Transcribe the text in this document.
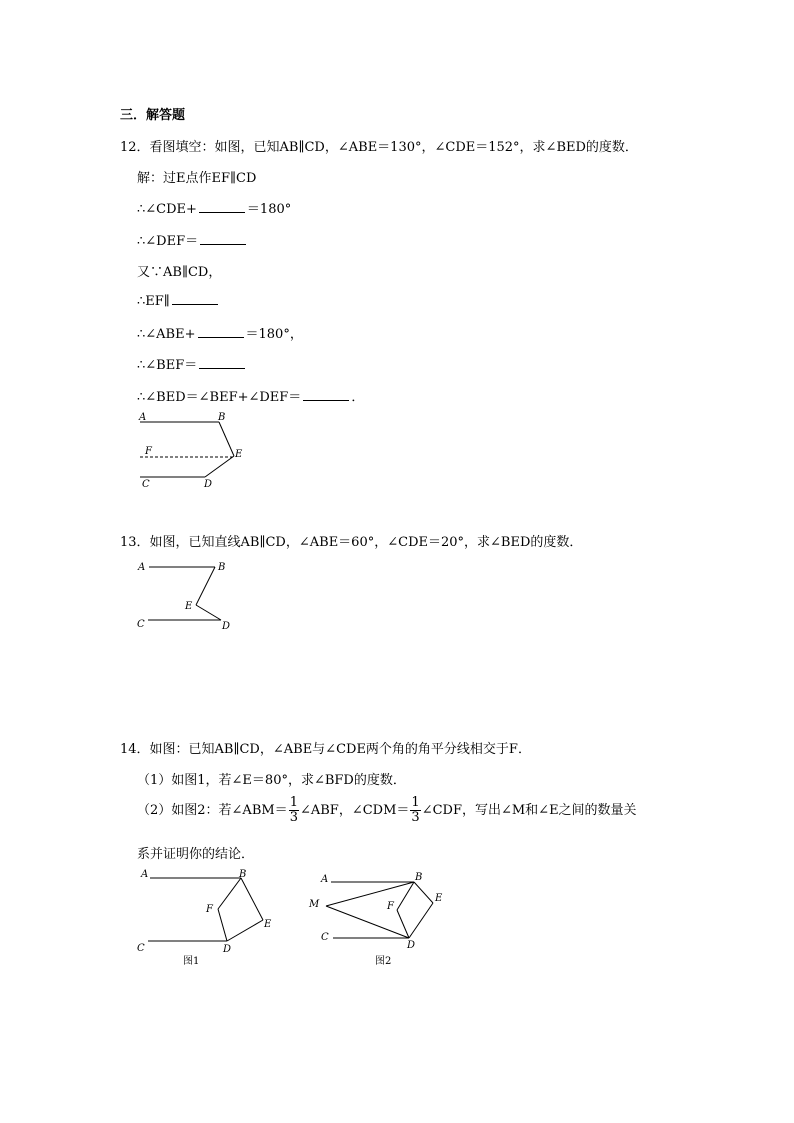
三．解答题
12．看图填空：如图，已知AB∥CD，∠ABE＝130°，∠CDE＝152°，求∠BED的度数．
解：过E点作EF∥CD
∴∠CDE+	＝180°
∴∠DEF＝
又∵AB∥CD，
∴EF∥
∴∠ABE+	＝180°，
∴∠BEF＝
∴∠BED＝∠BEF+∠DEF＝	．
A	B
F	E
C	D
13．如图，已知直线AB∥CD，∠ABE＝60°，∠CDE＝20°，求∠BED的度数．
A	B
E
C	D
14．如图：已知AB∥CD，∠ABE与∠CDE两个角的角平分线相交于F．
（1）如图1，若∠E＝80°，求∠BFD的度数．
（2）如图2：若∠ABM＝ $\frac{1}{3}$ ∠ABF，∠CDM＝ $\frac{1}{3}$ ∠CDF，写出∠M和∠E之间的数量关
系并证明你的结论．
A	B
F
E
C	D
图1
A	B
M	F
E
C
D
图2
